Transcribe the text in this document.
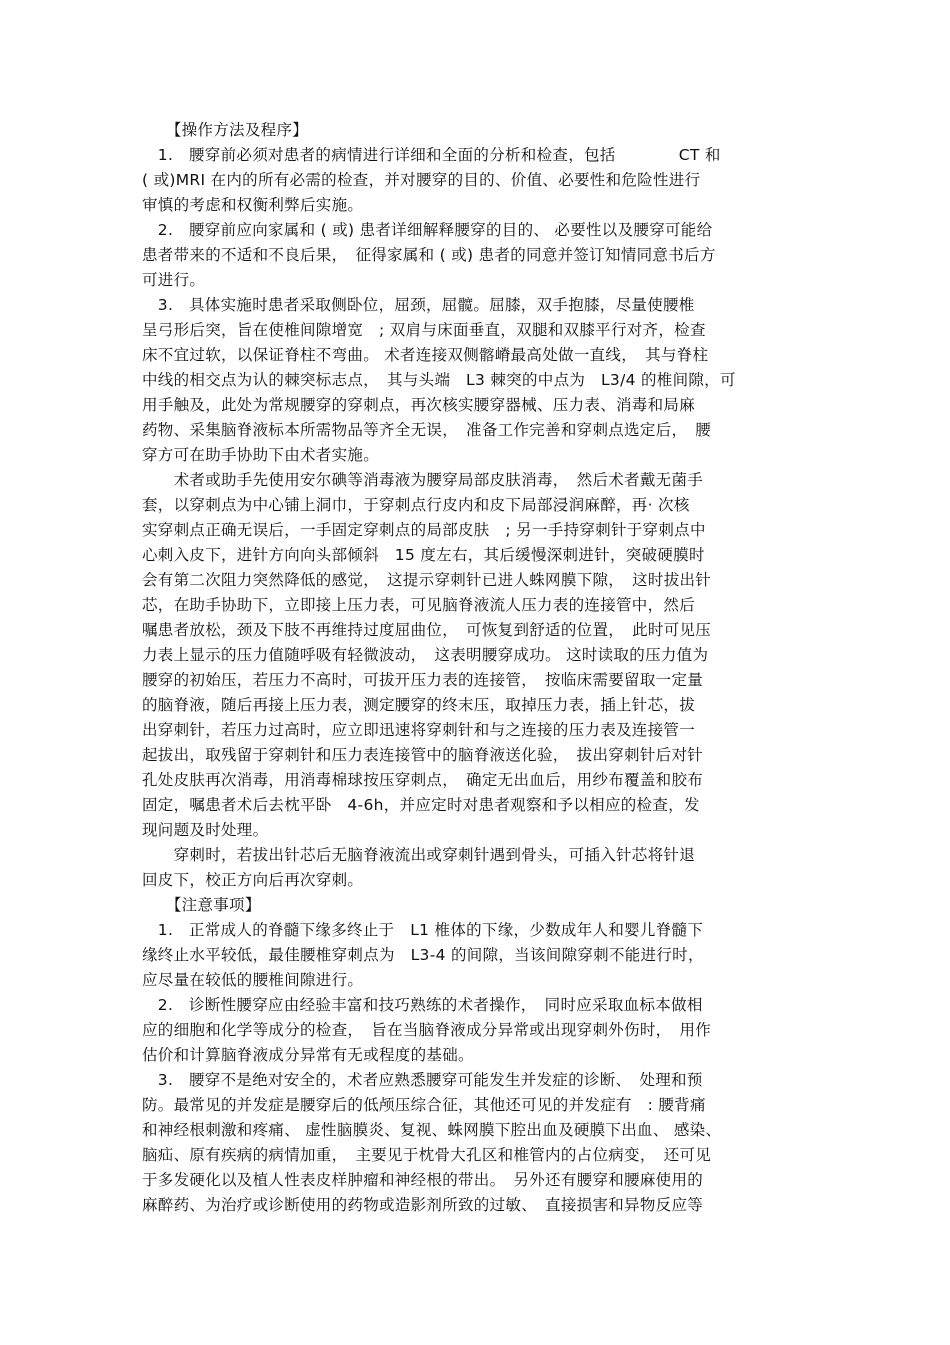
　　【操作方法及程序】
　1.　腰穿前必须对患者的病情进行详细和全面的分析和检查，包括　　　　CT 和
( 或)MRI 在内的所有必需的检查，并对腰穿的目的、价值、必要性和危险性进行
审慎的考虑和权衡利弊后实施。
　2.　腰穿前应向家属和 ( 或) 患者详细解释腰穿的目的、 必要性以及腰穿可能给
患者带来的不适和不良后果，　征得家属和 ( 或) 患者的同意并签订知情同意书后方
可进行。
　3.　具体实施时患者采取侧卧位，屈颈，屈髋。屈膝，双手抱膝，尽量使腰椎
呈弓形后突，旨在使椎间隙增宽　; 双肩与床面垂直，双腿和双膝平行对齐，检查
床不宜过软，以保证脊柱不弯曲。 术者连接双侧髂嵴最高处做一直线，　其与脊柱
中线的相交点为认的棘突标志点，　其与头端　L3 棘突的中点为　L3/4 的椎间隙，可
用手触及，此处为常规腰穿的穿刺点，再次核实腰穿器械、压力表、消毒和局麻
药物、采集脑脊液标本所需物品等齐全无误，　准备工作完善和穿刺点选定后，　腰
穿方可在助手协助下由术者实施。
　　术者或助手先使用安尔碘等消毒液为腰穿局部皮肤消毒，　然后术者戴无菌手
套，以穿刺点为中心铺上洞巾，于穿刺点行皮内和皮下局部浸润麻醉，再· 次核
实穿刺点正确无误后，一手固定穿刺点的局部皮肤　; 另一手持穿刺针于穿刺点中
心刺入皮下，进针方向向头部倾斜　15 度左右，其后缓慢深刺进针，突破硬膜时
会有第二次阻力突然降低的感觉，　这提示穿刺针已进人蛛网膜下隙，　这时拔出针
芯，在助手协助下，立即接上压力表，可见脑脊液流人压力表的连接管中，然后
嘱患者放松，颈及下肢不再维持过度屈曲位，　可恢复到舒适的位置，　此时可见压
力表上显示的压力值随呼吸有轻微波动，　这表明腰穿成功。 这时读取的压力值为
腰穿的初始压，若压力不高时，可拔开压力表的连接管，　按临床需要留取一定量
的脑脊液，随后再接上压力表，测定腰穿的终末压，取掉压力表，插上针芯，拔
出穿刺针，若压力过高时，应立即迅速将穿刺针和与之连接的压力表及连接管一
起拔出，取残留于穿刺针和压力表连接管中的脑脊液送化验，　拔出穿刺针后对针
孔处皮肤再次消毒，用消毒棉球按压穿刺点，　确定无出血后，用纱布覆盖和胶布
固定，嘱患者术后去枕平卧　4-6h，并应定时对患者观察和予以相应的检查，发
现问题及时处理。
　　穿刺时，若拔出针芯后无脑脊液流出或穿刺针遇到骨头，可插入针芯将针退
回皮下，校正方向后再次穿刺。
　　【注意事项】
　1.　正常成人的脊髓下缘多终止于　L1 椎体的下缘，少数成年人和婴儿脊髓下
缘终止水平较低，最佳腰椎穿刺点为　L3-4 的间隙，当该间隙穿刺不能进行时，
应尽量在较低的腰椎间隙进行。
　2.　诊断性腰穿应由经验丰富和技巧熟练的术者操作，　同时应采取血标本做相
应的细胞和化学等成分的检查，　旨在当脑脊液成分异常或出现穿刺外伤时，　用作
估价和计算脑脊液成分异常有无或程度的基础。
　3.　腰穿不是绝对安全的，术者应熟悉腰穿可能发生并发症的诊断、　处理和预
防。最常见的并发症是腰穿后的低颅压综合征，其他还可见的并发症有　: 腰背痛
和神经根刺激和疼痛、 虚性脑膜炎、复视、蛛网膜下腔出血及硬膜下出血、 感染、
脑疝、原有疾病的病情加重，　主要见于枕骨大孔区和椎管内的占位病变，　还可见
于多发硬化以及植人性表皮样肿瘤和神经根的带出。　另外还有腰穿和腰麻使用的
麻醉药、为治疗或诊断使用的药物或造影剂所致的过敏、　直接损害和异物反应等
